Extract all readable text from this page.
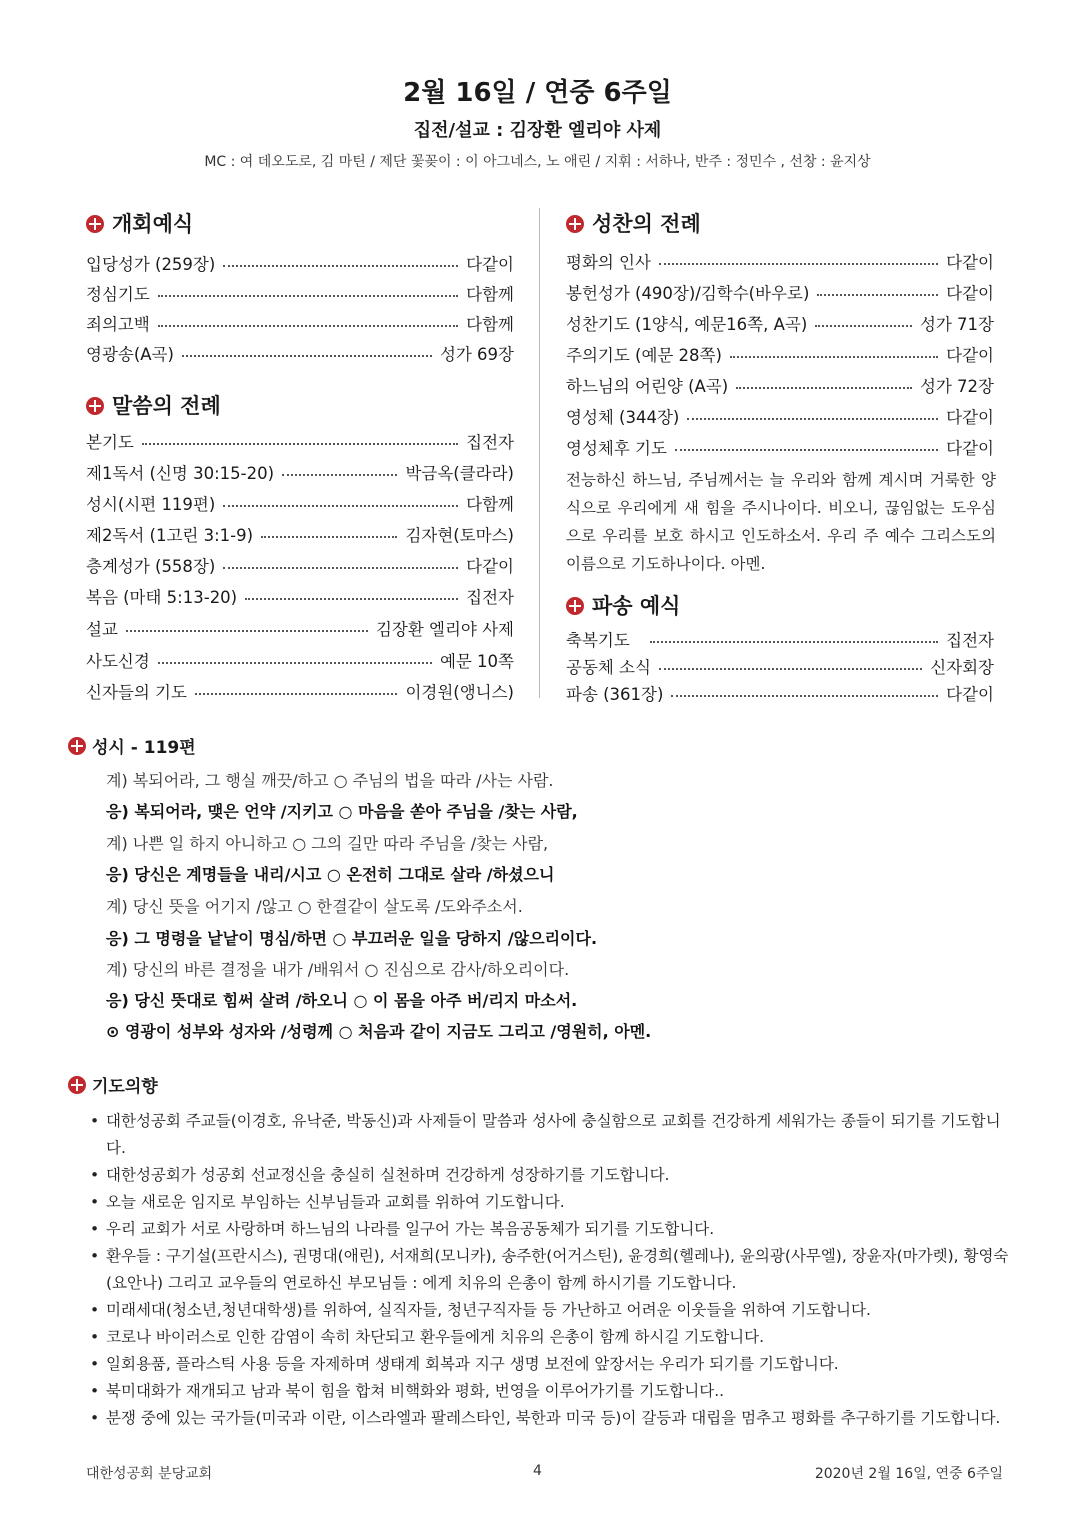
2월 16일 / 연중 6주일
집전/설교 : 김장환 엘리야 사제
MC : 여 데오도로, 김 마틴 / 제단 꽃꽂이 : 이 아그네스, 노 애린 / 지휘 : 서하나, 반주 : 정민수 , 선창 : 윤지상
개회예식
입당성가 (259장)	다같이
정심기도	다함께
죄의고백	다함께
영광송(A곡)	성가 69장
말씀의 전례
본기도	집전자
제1독서 (신명 30:15-20)	박금옥(클라라)
성시(시편 119편)	다함께
제2독서 (1고린 3:1-9)	김자현(토마스)
층계성가 (558장)	다같이
복음 (마태 5:13-20)	집전자
설교	김장환 엘리야 사제
사도신경	예문 10쪽
신자들의 기도	이경원(앵니스)
성찬의 전례
평화의 인사	다같이
봉헌성가 (490장)/김학수(바우로)	다같이
성찬기도 (1양식, 예문16쪽, A곡)	성가 71장
주의기도 (예문 28쪽)	다같이
하느님의 어린양 (A곡)	성가 72장
영성체 (344장)	다같이
영성체후 기도	다같이
전능하신 하느님, 주님께서는 늘 우리와 함께 계시며 거룩한 양식으로 우리에게 새 힘을 주시나이다. 비오니, 끊임없는 도우심으로 우리를 보호 하시고 인도하소서. 우리 주 예수 그리스도의 이름으로 기도하나이다. 아멘.
파송 예식
축복기도	집전자
공동체 소식	신자회장
파송 (361장)	다같이
성시 - 119편
계) 복되어라, 그 행실 깨끗/하고 ○ 주님의 법을 따라 /사는 사람.
응) 복되어라, 맺은 언약 /지키고 ○ 마음을 쏟아 주님을 /찾는 사람,
계) 나쁜 일 하지 아니하고 ○ 그의 길만 따라 주님을 /찾는 사람,
응) 당신은 계명들을 내리/시고 ○ 온전히 그대로 살라 /하셨으니
계) 당신 뜻을 어기지 /않고 ○ 한결같이 살도록 /도와주소서.
응) 그 명령을 낱낱이 명심/하면 ○ 부끄러운 일을 당하지 /않으리이다.
계) 당신의 바른 결정을 내가 /배워서 ○ 진심으로 감사/하오리이다.
응) 당신 뜻대로 힘써 살려 /하오니 ○ 이 몸을 아주 버/리지 마소서.
⊙ 영광이 성부와 성자와 /성령께 ○ 처음과 같이 지금도 그리고 /영원히, 아멘.
기도의향
• 대한성공회 주교들(이경호, 유낙준, 박동신)과 사제들이 말씀과 성사에 충실함으로 교회를 건강하게 세워가는 종들이 되기를 기도합니다.
• 대한성공회가 성공회 선교정신을 충실히 실천하며 건강하게 성장하기를 기도합니다.
• 오늘 새로운 임지로 부임하는 신부님들과 교회를 위하여 기도합니다.
• 우리 교회가 서로 사랑하며 하느님의 나라를 일구어 가는 복음공동체가 되기를 기도합니다.
• 환우들 : 구기설(프란시스), 권명대(애린), 서재희(모니카), 송주한(어거스틴), 윤경희(헬레나), 윤의광(사무엘), 장윤자(마가렛), 황영숙(요안나) 그리고 교우들의 연로하신 부모님들 : 에게 치유의 은총이 함께 하시기를 기도합니다.
• 미래세대(청소년,청년대학생)를 위하여, 실직자들, 청년구직자들 등 가난하고 어려운 이웃들을 위하여 기도합니다.
• 코로나 바이러스로 인한 감염이 속히 차단되고 환우들에게 치유의 은총이 함께 하시길 기도합니다.
• 일회용품, 플라스틱 사용 등을 자제하며 생태계 회복과 지구 생명 보전에 앞장서는 우리가 되기를 기도합니다.
• 북미대화가 재개되고 남과 북이 힘을 합쳐 비핵화와 평화, 번영을 이루어가기를 기도합니다..
• 분쟁 중에 있는 국가들(미국과 이란, 이스라엘과 팔레스타인, 북한과 미국 등)이 갈등과 대립을 멈추고 평화를 추구하기를 기도합니다.
대한성공회 분당교회	4	2020년 2월 16일, 연중 6주일
